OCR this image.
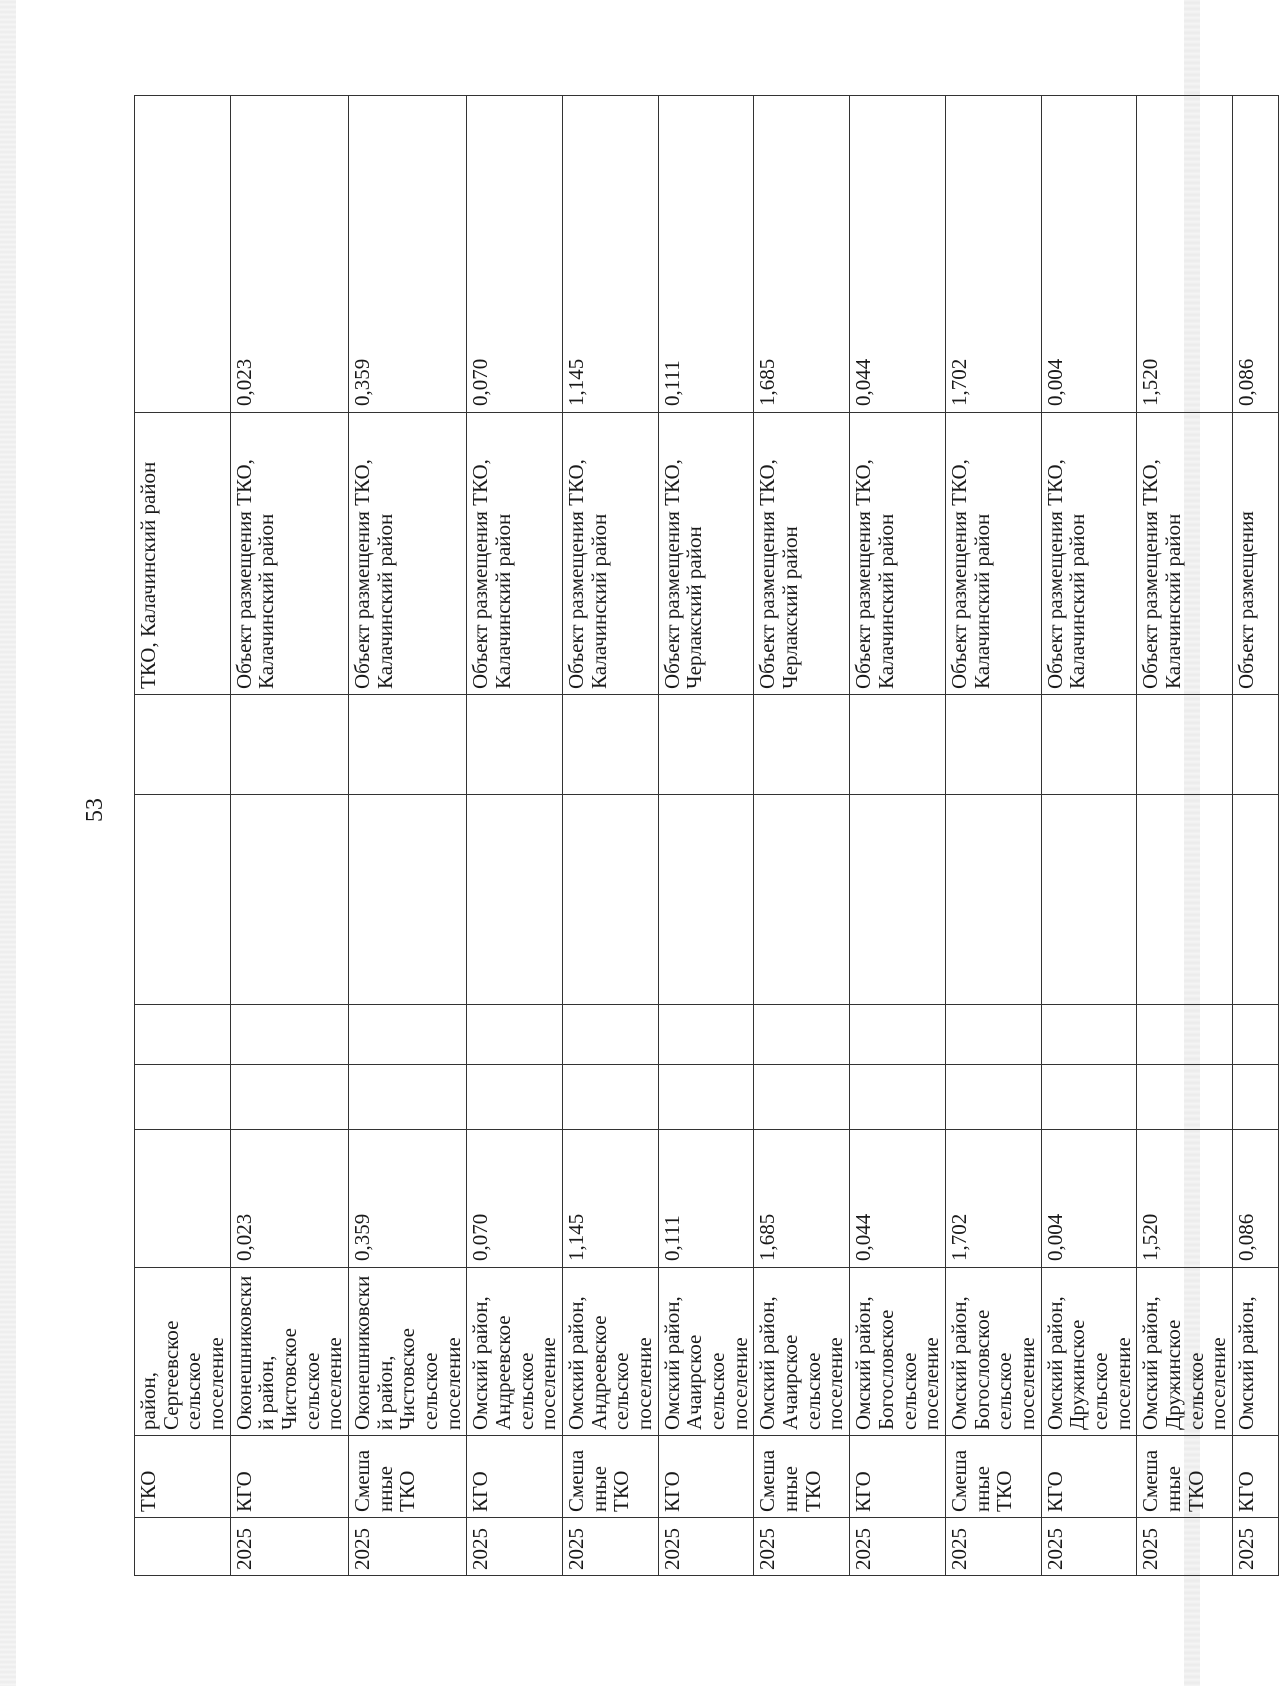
53
	ТКО	район, Сергеевское сельское поселение						ТКО, Калачинский район	
2025	КГО	Оконешниковский район, Чистовское сельское поселение	0,023					Объект размещения ТКО, Калачинский район	0,023
2025	Смешанные ТКО	Оконешниковский район, Чистовское сельское поселение	0,359					Объект размещения ТКО, Калачинский район	0,359
2025	КГО	Омский район, Андреевское сельское поселение	0,070					Объект размещения ТКО, Калачинский район	0,070
2025	Смешанные ТКО	Омский район, Андреевское сельское поселение	1,145					Объект размещения ТКО, Калачинский район	1,145
2025	КГО	Омский район, Ачаирское сельское поселение	0,111					Объект размещения ТКО, Черлакский район	0,111
2025	Смешанные ТКО	Омский район, Ачаирское сельское поселение	1,685					Объект размещения ТКО, Черлакский район	1,685
2025	КГО	Омский район, Богословское сельское поселение	0,044					Объект размещения ТКО, Калачинский район	0,044
2025	Смешанные ТКО	Омский район, Богословское сельское поселение	1,702					Объект размещения ТКО, Калачинский район	1,702
2025	КГО	Омский район, Дружинское сельское поселение	0,004					Объект размещения ТКО, Калачинский район	0,004
2025	Смешанные ТКО	Омский район, Дружинское сельское поселение	1,520					Объект размещения ТКО, Калачинский район	1,520
2025	КГО	Омский район,	0,086					Объект размещения	0,086
